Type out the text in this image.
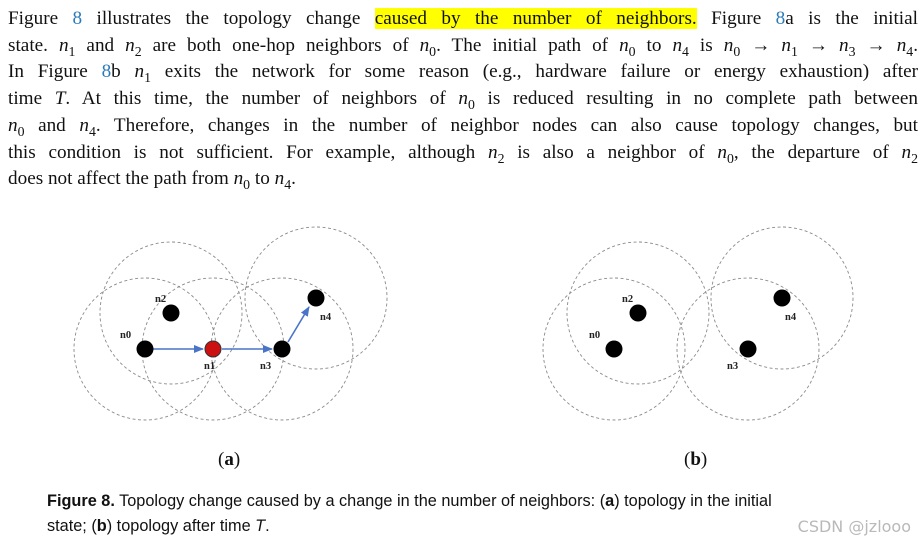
Figure 8 illustrates the topology change caused by the number of neighbors. Figure 8a is the initial
state. $n_1$ and $n_2$ are both one-hop neighbors of $n_0$. The initial path of $n_0$ to $n_4$ is $n_0 \to n_1 \to n_3 \to n_4$.
In Figure 8b $n_1$ exits the network for some reason (e.g., hardware failure or energy exhaustion) after
time T. At this time, the number of neighbors of $n_0$ is reduced resulting in no complete path between
$n_0$ and $n_4$. Therefore, changes in the number of neighbor nodes can also cause topology changes, but
this condition is not sufficient. For example, although $n_2$ is also a neighbor of $n_0$, the departure of $n_2$
does not affect the path from $n_0$ to $n_4$.

n0
n2
n1	n3
n4
n0
n2
n3
n4
(a)	(b)

Figure 8. Topology change caused by a change in the number of neighbors: (a) topology in the initial
state; (b) topology after time T.	CSDN @jzlooo
